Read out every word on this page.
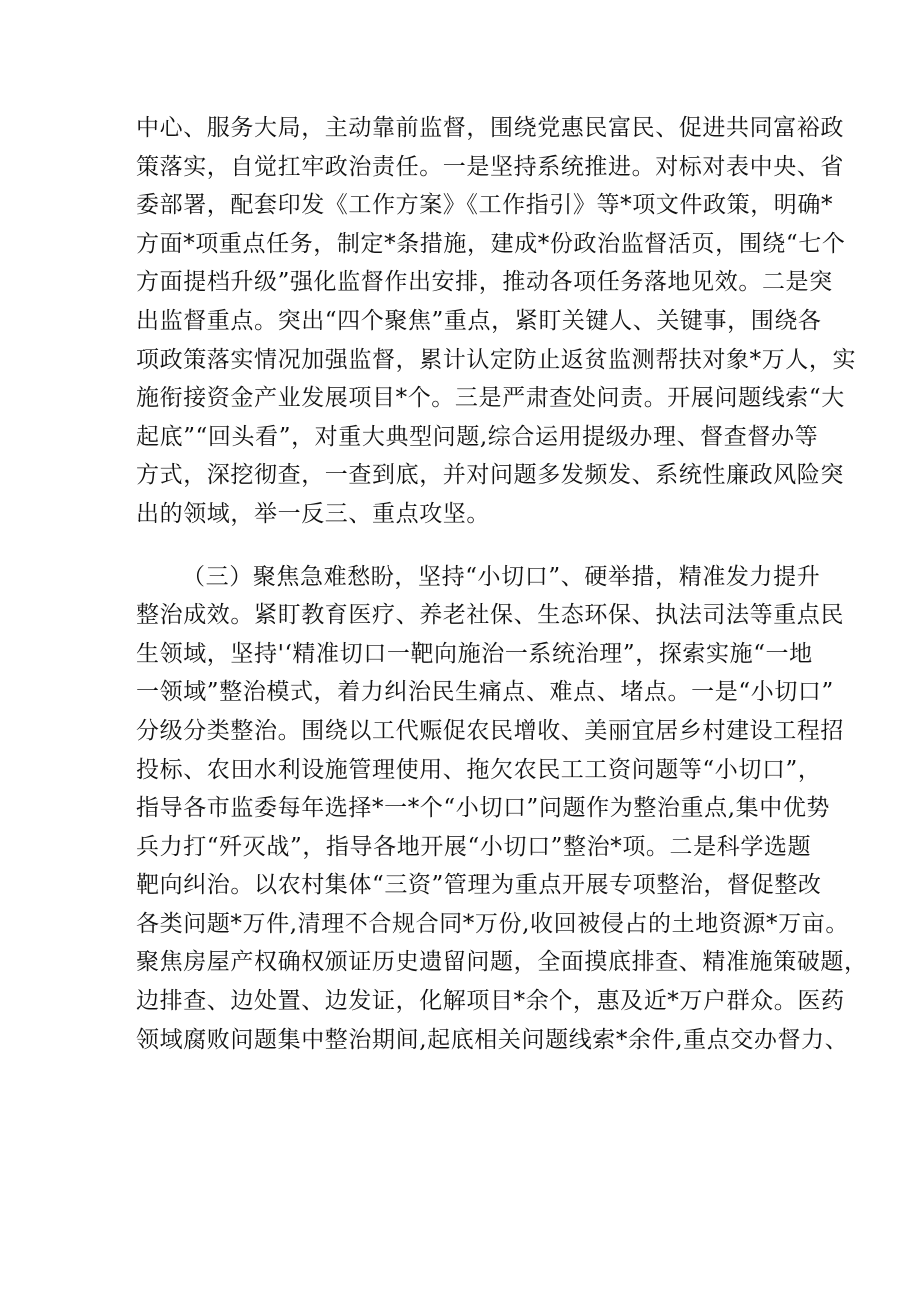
中心、服务大局，主动靠前监督，围绕党惠民富民、促进共同富裕政
策落实，自觉扛牢政治责任。一是坚持系统推进。对标对表中央、省
委部署，配套印发《工作方案》《工作指引》等*项文件政策，明确*
方面*项重点任务，制定*条措施，建成*份政治监督活页，围绕“七个
方面提档升级”强化监督作出安排，推动各项任务落地见效。二是突
出监督重点。突出“四个聚焦”重点，紧盯关键人、关键事，围绕各
项政策落实情况加强监督，累计认定防止返贫监测帮扶对象*万人，实
施衔接资金产业发展项目*个。三是严肃查处问责。开展问题线索“大
起底”“回头看”，对重大典型问题,综合运用提级办理、督查督办等
方式，深挖彻查，一查到底，并对问题多发频发、系统性廉政风险突
出的领域，举一反三、重点攻坚。
（三）聚焦急难愁盼，坚持“小切口”、硬举措，精准发力提升
整治成效。紧盯教育医疗、养老社保、生态环保、执法司法等重点民
生领域，坚持'‘精准切口一靶向施治一系统治理”，探索实施“一地
一领域”整治模式，着力纠治民生痛点、难点、堵点。一是“小切口”
分级分类整治。围绕以工代赈促农民增收、美丽宜居乡村建设工程招
投标、农田水利设施管理使用、拖欠农民工工资问题等“小切口”，
指导各市监委每年选择*一*个“小切口”问题作为整治重点,集中优势
兵力打“歼灭战”，指导各地开展“小切口”整治*项。二是科学选题
靶向纠治。以农村集体“三资”管理为重点开展专项整治，督促整改
各类问题*万件,清理不合规合同*万份,收回被侵占的土地资源*万亩。
聚焦房屋产权确权颁证历史遗留问题，全面摸底排查、精准施策破题，
边排查、边处置、边发证，化解项目*余个，惠及近*万户群众。医药
领域腐败问题集中整治期间,起底相关问题线索*余件,重点交办督力、
